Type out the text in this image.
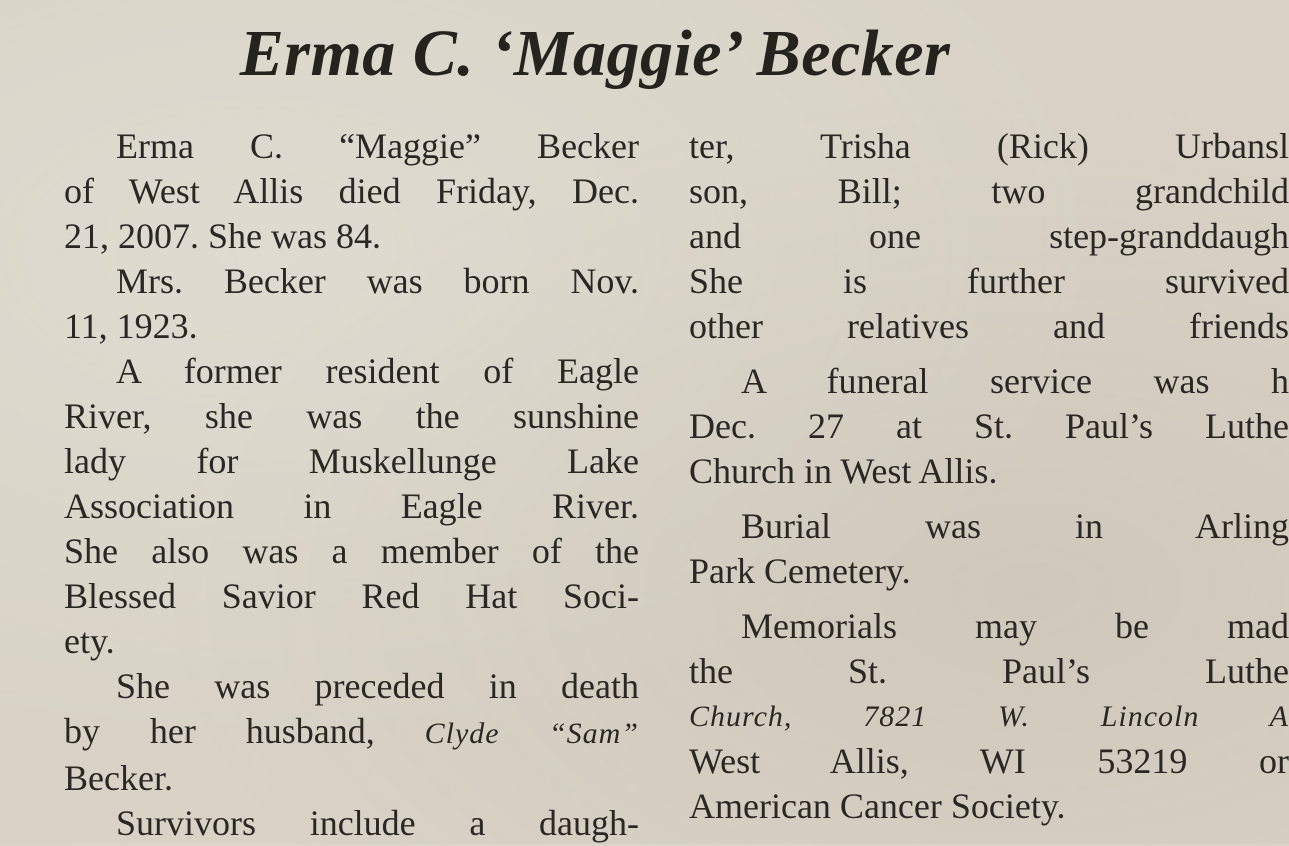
Erma C. ‘Maggie’ Becker

Erma C. “Maggie” Becker
of West Allis died Friday, Dec.
21, 2007. She was 84.

Mrs. Becker was born Nov.
11, 1923.

A former resident of Eagle
River, she was the sunshine
lady for Muskellunge Lake
Association in Eagle River.
She also was a member of the
Blessed Savior Red Hat Soci-
ety.

She was preceded in death
by her husband, Clyde “Sam”
Becker.

Survivors include a daugh-

ter, Trisha (Rick) Urbansl
son, Bill; two grandchild
and one step-granddaugh
She is further survived
other relatives and friends

A funeral service was h
Dec. 27 at St. Paul’s Luthe
Church in West Allis.

Burial was in Arling
Park Cemetery.

Memorials may be mad
the St. Paul’s Luthe
Church, 7821 W. Lincoln A
West Allis, WI 53219 or
American Cancer Society.
